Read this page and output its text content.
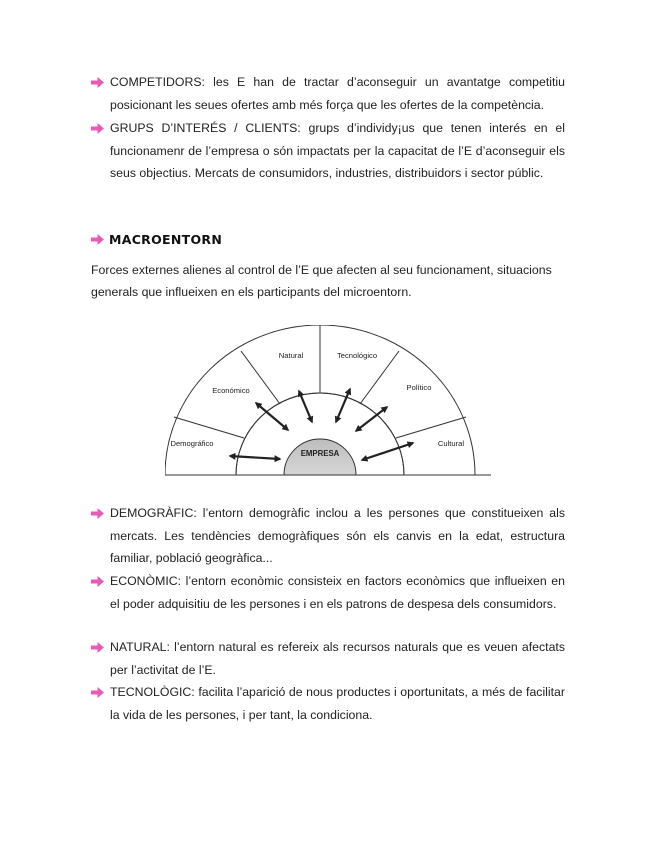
COMPETIDORS: les E han de tractar d’aconseguir un avantatge competitiu posicionant les seues ofertes amb més força que les ofertes de la competència.

GRUPS D’INTERÉS / CLIENTS: grups d’individy¡us que tenen interés en el funcionamenr de l’empresa o són impactats per la capacitat de l’E d’aconseguir els seus objectius. Mercats de consumidors, industries, distribuidors i sector públic.

MACROENTORN

Forces externes alienes al control de l’E que afecten al seu funcionament, situacions generals que influeixen en els participants del microentorn.

Demográfico
Económico
Natural	Tecnológico
Político
Cultural
EMPRESA

DEMOGRÀFIC: l’entorn demogràfic inclou a les persones que constitueixen als mercats. Les tendències demogràfiques són els canvis en la edat, estructura familiar, població geogràfica...

ECONÒMIC: l’entorn econòmic consisteix en factors econòmics que influeixen en el poder adquisitiu de les persones i en els patrons de despesa dels consumidors.

NATURAL: l’entorn natural es refereix als recursos naturals que es veuen afectats per l’activitat de l’E.

TECNOLÒGIC: facilita l’aparició de nous productes i oportunitats, a més de facilitar la vida de les persones, i per tant, la condiciona.
